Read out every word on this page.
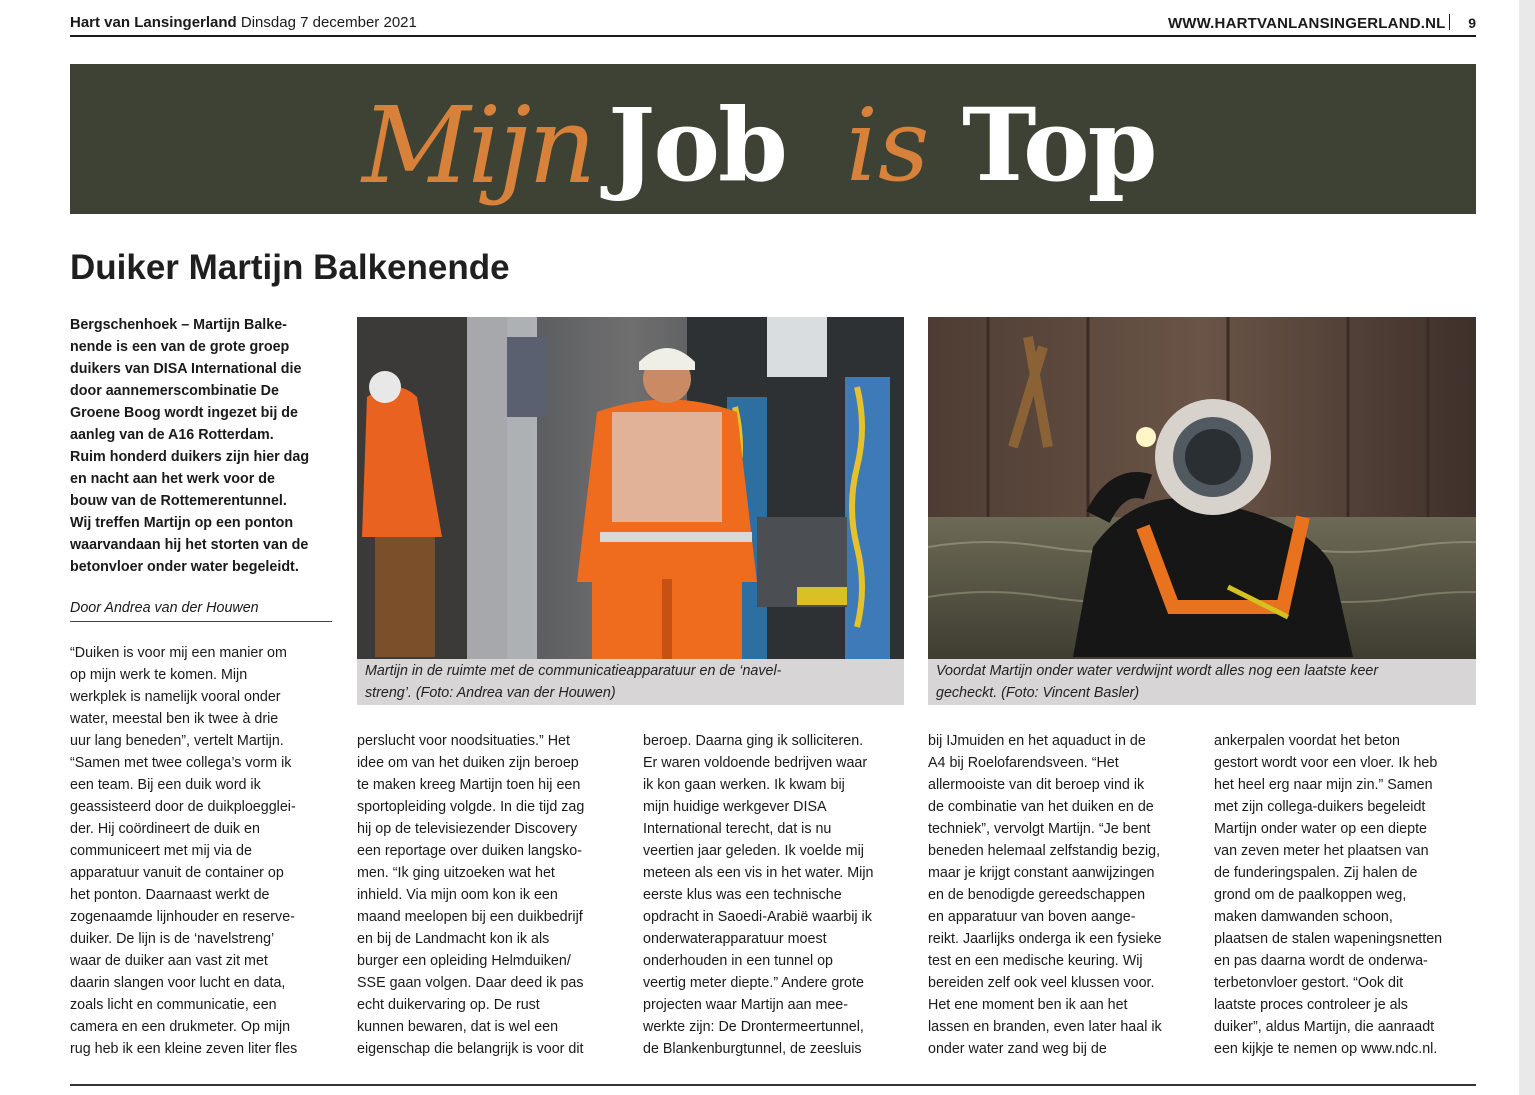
Hart van Lansingerland Dinsdag 7 december 2021	WWW.HARTVANLANSINGERLAND.NL 9
Mijn Job is Top
Duiker Martijn Balkenende
Bergschenhoek – Martijn Balke-
nende is een van de grote groep
duikers van DISA International die
door aannemerscombinatie De
Groene Boog wordt ingezet bij de
aanleg van de A16 Rotterdam.
Ruim honderd duikers zijn hier dag
en nacht aan het werk voor de
bouw van de Rottemerentunnel.
Wij treffen Martijn op een ponton
waarvandaan hij het storten van de
betonvloer onder water begeleidt.
Door Andrea van der Houwen
Martijn in de ruimte met de communicatieapparatuur en de ‘navel-
streng’. (Foto: Andrea van der Houwen)
Voordat Martijn onder water verdwijnt wordt alles nog een laatste keer
gecheckt. (Foto: Vincent Basler)
“Duiken is voor mij een manier om
op mijn werk te komen. Mijn
werkplek is namelijk vooral onder
water, meestal ben ik twee à drie
uur lang beneden”, vertelt Martijn.
“Samen met twee collega’s vorm ik
een team. Bij een duik word ik
geassisteerd door de duikploegglei-
der. Hij coördineert de duik en
communiceert met mij via de
apparatuur vanuit de container op
het ponton. Daarnaast werkt de
zogenaamde lijnhouder en reserve-
duiker. De lijn is de ‘navelstreng’
waar de duiker aan vast zit met
daarin slangen voor lucht en data,
zoals licht en communicatie, een
camera en een drukmeter. Op mijn
rug heb ik een kleine zeven liter fles
perslucht voor noodsituaties.” Het
idee om van het duiken zijn beroep
te maken kreeg Martijn toen hij een
sportopleiding volgde. In die tijd zag
hij op de televisiezender Discovery
een reportage over duiken langsko-
men. “Ik ging uitzoeken wat het
inhield. Via mijn oom kon ik een
maand meelopen bij een duikbedrijf
en bij de Landmacht kon ik als
burger een opleiding Helmduiken/
SSE gaan volgen. Daar deed ik pas
echt duikervaring op. De rust
kunnen bewaren, dat is wel een
eigenschap die belangrijk is voor dit
beroep. Daarna ging ik solliciteren.
Er waren voldoende bedrijven waar
ik kon gaan werken. Ik kwam bij
mijn huidige werkgever DISA
International terecht, dat is nu
veertien jaar geleden. Ik voelde mij
meteen als een vis in het water. Mijn
eerste klus was een technische
opdracht in Saoedi-Arabië waarbij ik
onderwaterapparatuur moest
onderhouden in een tunnel op
veertig meter diepte.” Andere grote
projecten waar Martijn aan mee-
werkte zijn: De Drontermeertunnel,
de Blankenburgtunnel, de zeesluis
bij IJmuiden en het aquaduct in de
A4 bij Roelofarendsveen. “Het
allermooiste van dit beroep vind ik
de combinatie van het duiken en de
techniek”, vervolgt Martijn. “Je bent
beneden helemaal zelfstandig bezig,
maar je krijgt constant aanwijzingen
en de benodigde gereedschappen
en apparatuur van boven aange-
reikt. Jaarlijks onderga ik een fysieke
test en een medische keuring. Wij
bereiden zelf ook veel klussen voor.
Het ene moment ben ik aan het
lassen en branden, even later haal ik
onder water zand weg bij de
ankerpalen voordat het beton
gestort wordt voor een vloer. Ik heb
het heel erg naar mijn zin.” Samen
met zijn collega-duikers begeleidt
Martijn onder water op een diepte
van zeven meter het plaatsen van
de funderingspalen. Zij halen de
grond om de paalkoppen weg,
maken damwanden schoon,
plaatsen de stalen wapeningsnetten
en pas daarna wordt de onderwa-
terbetonvloer gestort. “Ook dit
laatste proces controleer je als
duiker”, aldus Martijn, die aanraadt
een kijkje te nemen op www.ndc.nl.
